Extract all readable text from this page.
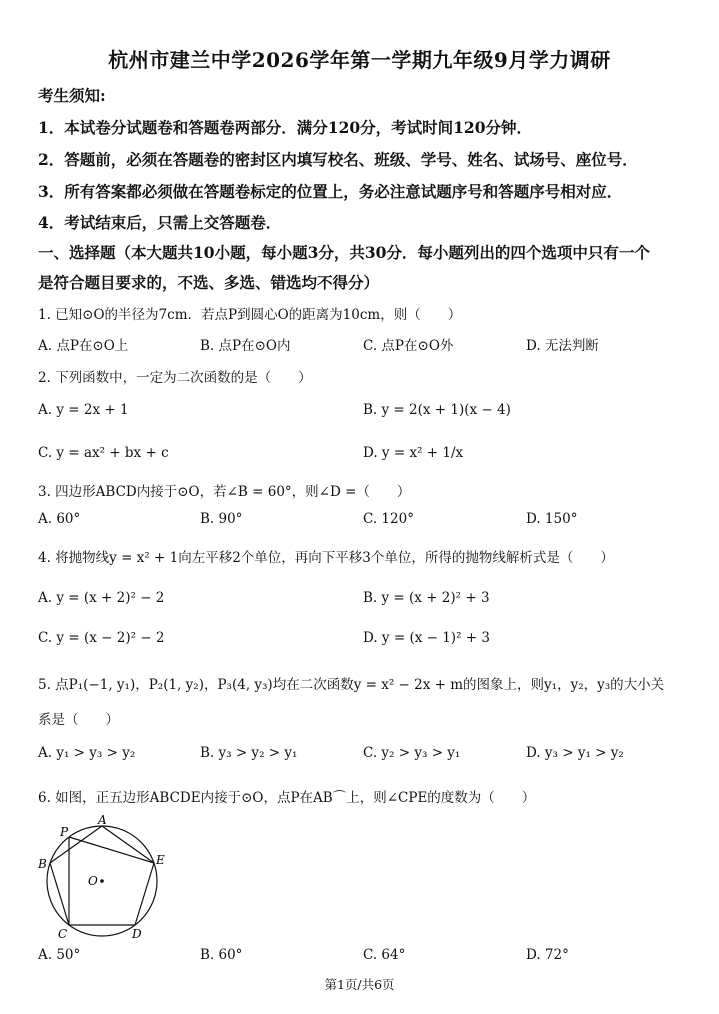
杭州市建兰中学2026学年第一学期九年级9月学力调研
考生须知:
1．本试卷分试题卷和答题卷两部分．满分120分，考试时间120分钟．
2．答题前，必须在答题卷的密封区内填写校名、班级、学号、姓名、试场号、座位号．
3．所有答案都必须做在答题卷标定的位置上，务必注意试题序号和答题序号相对应．
4．考试结束后，只需上交答题卷．
一、选择题（本大题共10小题，每小题3分，共30分．每小题列出的四个选项中只有一个
是符合题目要求的，不选、多选、错选均不得分）
1. 已知⊙O的半径为7cm．若点P到圆心O的距离为10cm，则（　　）
A. 点P在⊙O上	B. 点P在⊙O内	C. 点P在⊙O外	D. 无法判断
2. 下列函数中，一定为二次函数的是（　　）
A. y = 2x + 1	B. y = 2(x + 1)(x − 4)
C. y = ax² + bx + c	D. y = x² + 1/x
3. 四边形ABCD内接于⊙O，若∠B = 60°，则∠D =（　　）
A. 60°	B. 90°	C. 120°	D. 150°
4. 将抛物线y = x² + 1向左平移2个单位，再向下平移3个单位，所得的抛物线解析式是（　　）
A. y = (x + 2)² − 2	B. y = (x + 2)² + 3
C. y = (x − 2)² − 2	D. y = (x − 1)² + 3
5. 点P₁(−1, y₁)，P₂(1, y₂)，P₃(4, y₃)均在二次函数y = x² − 2x + m的图象上，则y₁，y₂，y₃的大小关
系是（　　）
A. y₁ > y₃ > y₂	B. y₃ > y₂ > y₁	C. y₂ > y₃ > y₁	D. y₃ > y₁ > y₂
6. 如图，正五边形ABCDE内接于⊙O，点P在AB⌒上，则∠CPE的度数为（　　）
A
B
C	D
E
P
O
A. 50°	B. 60°	C. 64°	D. 72°
第1页/共6页
